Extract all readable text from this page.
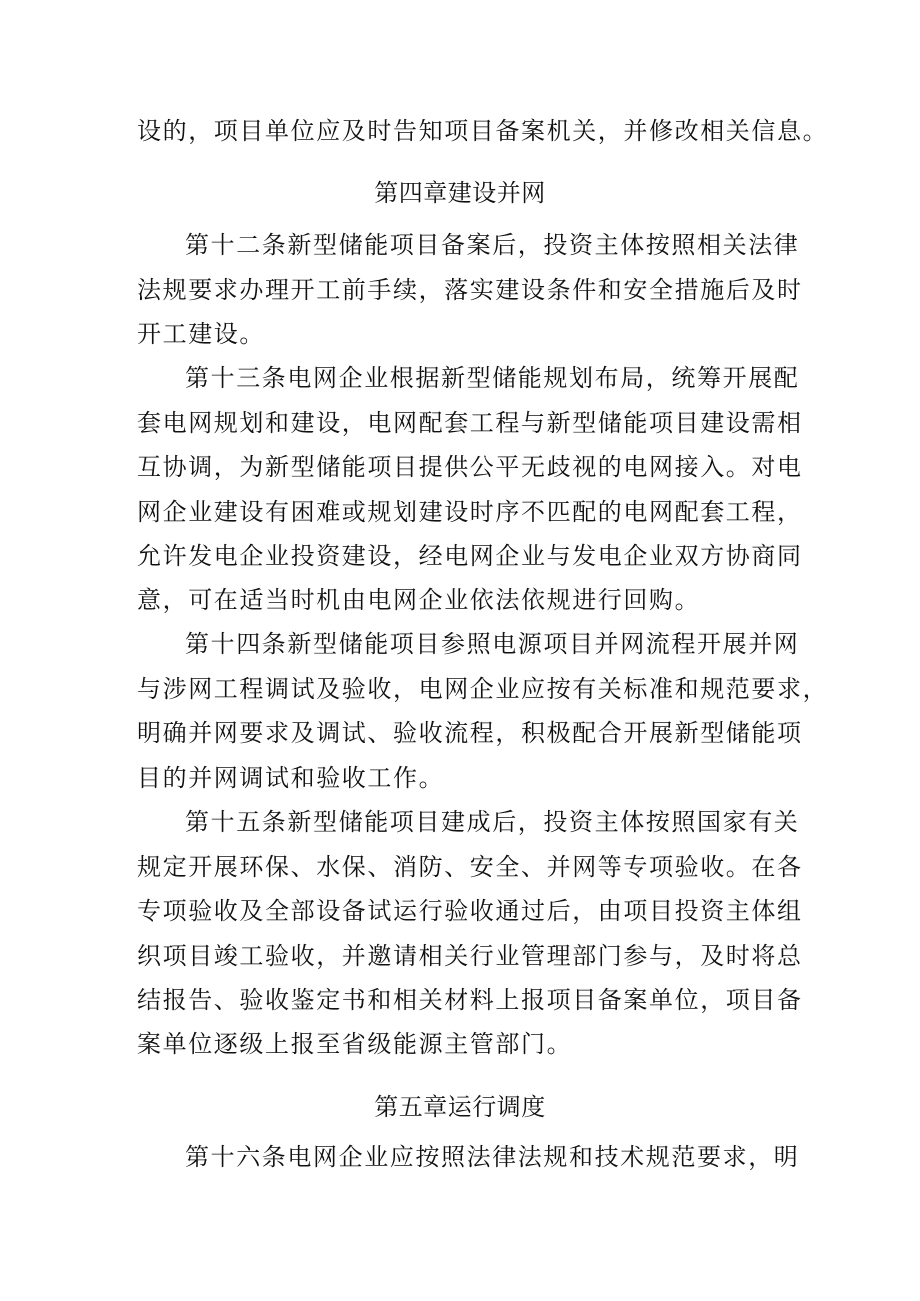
设的，项目单位应及时告知项目备案机关，并修改相关信息。
第四章建设并网
第十二条新型储能项目备案后，投资主体按照相关法律
法规要求办理开工前手续，落实建设条件和安全措施后及时
开工建设。
第十三条电网企业根据新型储能规划布局，统筹开展配
套电网规划和建设，电网配套工程与新型储能项目建设需相
互协调，为新型储能项目提供公平无歧视的电网接入。对电
网企业建设有困难或规划建设时序不匹配的电网配套工程，
允许发电企业投资建设，经电网企业与发电企业双方协商同
意，可在适当时机由电网企业依法依规进行回购。
第十四条新型储能项目参照电源项目并网流程开展并网
与涉网工程调试及验收，电网企业应按有关标准和规范要求，
明确并网要求及调试、验收流程，积极配合开展新型储能项
目的并网调试和验收工作。
第十五条新型储能项目建成后，投资主体按照国家有关
规定开展环保、水保、消防、安全、并网等专项验收。在各
专项验收及全部设备试运行验收通过后，由项目投资主体组
织项目竣工验收，并邀请相关行业管理部门参与，及时将总
结报告、验收鉴定书和相关材料上报项目备案单位，项目备
案单位逐级上报至省级能源主管部门。
第五章运行调度
第十六条电网企业应按照法律法规和技术规范要求，明
